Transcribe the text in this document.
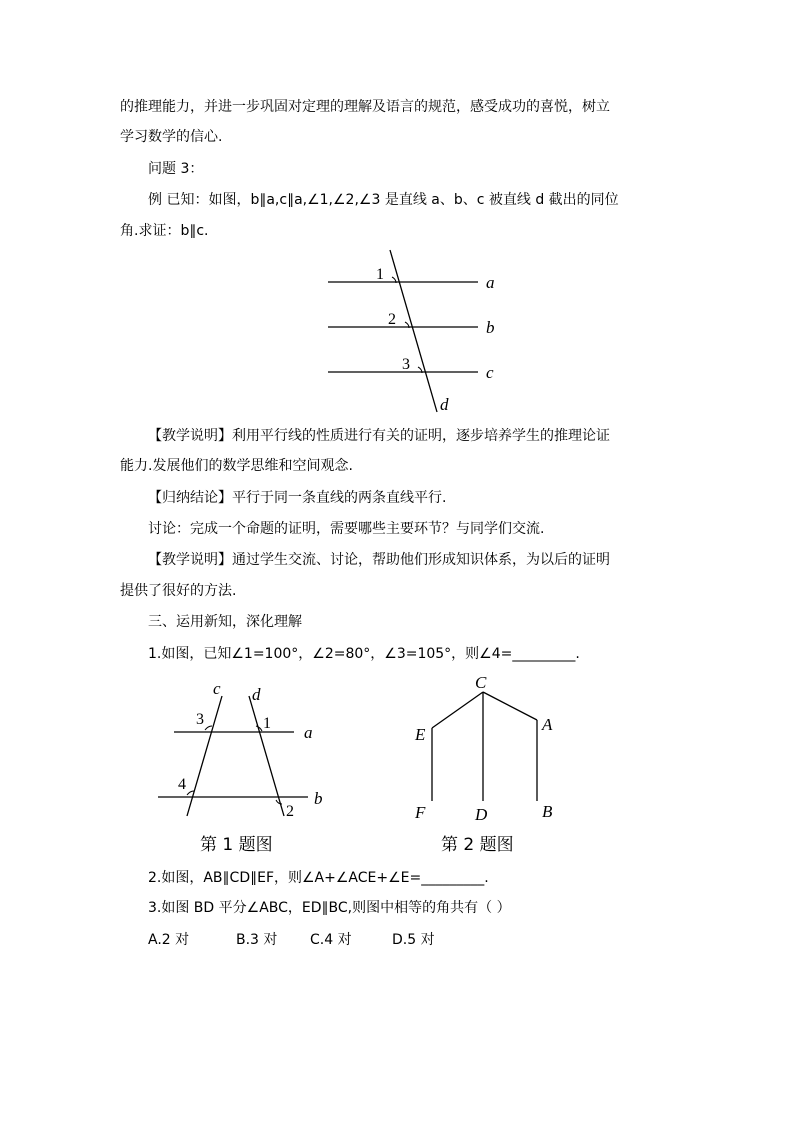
的推理能力，并进一步巩固对定理的理解及语言的规范，感受成功的喜悦，树立
学习数学的信心.
问题 3：
例 已知：如图，b∥a,c∥a,∠1,∠2,∠3 是直线 a、b、c 被直线 d 截出的同位
角.求证：b∥c.
1
2
3
a
b
c
d
【教学说明】利用平行线的性质进行有关的证明，逐步培养学生的推理论证
能力.发展他们的数学思维和空间观念.
【归纳结论】平行于同一条直线的两条直线平行.
讨论：完成一个命题的证明，需要哪些主要环节？与同学们交流.
【教学说明】通过学生交流、讨论，帮助他们形成知识体系，为以后的证明
提供了很好的方法.
三、运用新知，深化理解
1.如图，已知∠1=100°，∠2=80°，∠3=105°，则∠4=_________.
c d
a
b
3	1
4
2
第 1 题图
C
E
A
F	D	B
第 2 题图
2.如图，AB∥CD∥EF，则∠A+∠ACE+∠E=_________.
3.如图 BD 平分∠ABC，ED∥BC,则图中相等的角共有（ ）
A.2 对	B.3 对 C.4 对	D.5 对
